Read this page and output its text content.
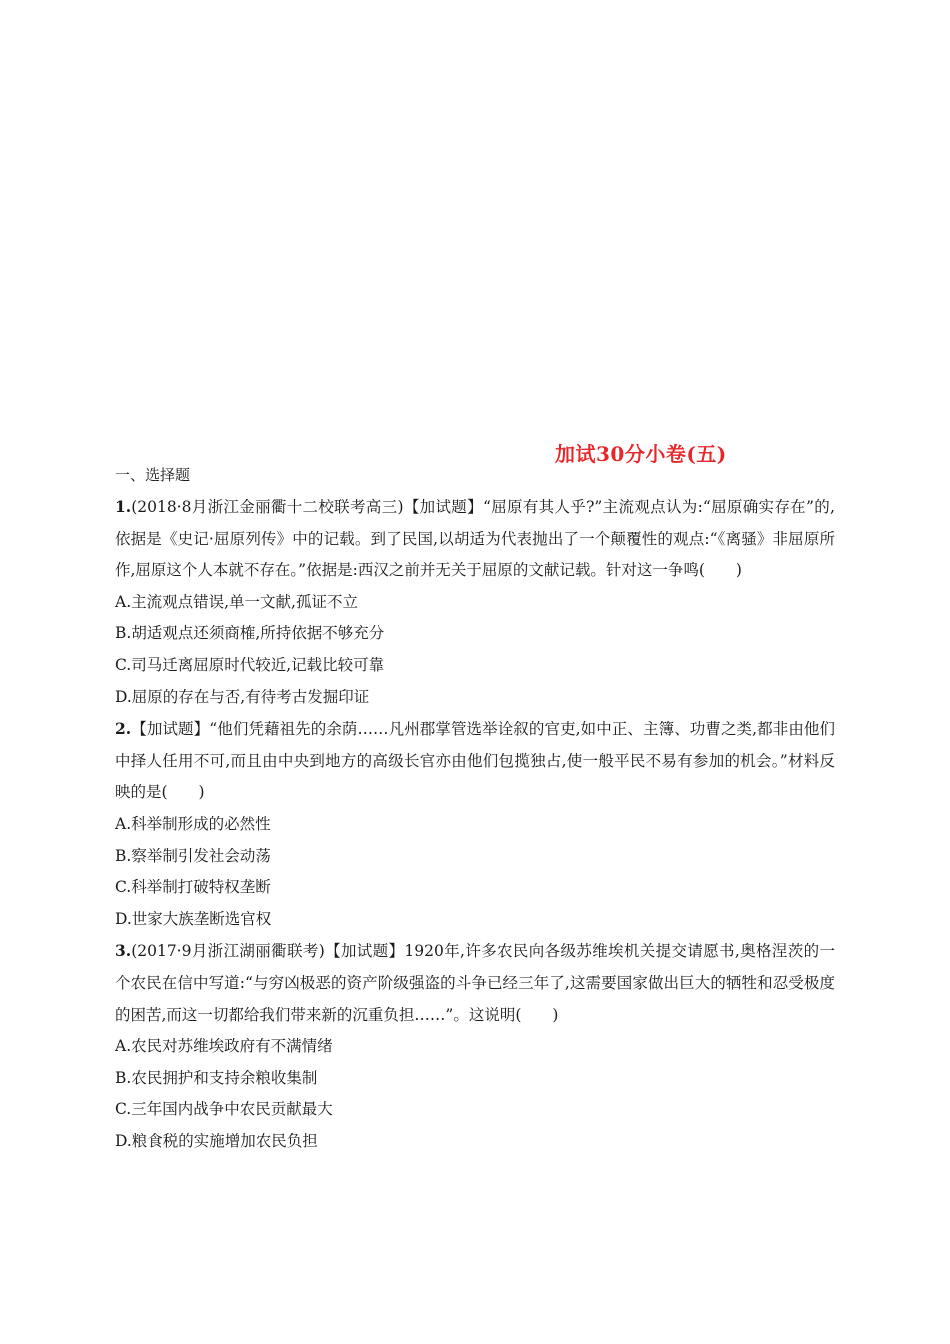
加试30分小卷(五)
一、选择题

1.(2018·8月浙江金丽衢十二校联考高三)【加试题】“屈原有其人乎?”主流观点认为:“屈原确实存在”的,依据是《史记·屈原列传》中的记载。到了民国,以胡适为代表抛出了一个颠覆性的观点:“《离骚》非屈原所作,屈原这个人本就不存在。”依据是:西汉之前并无关于屈原的文献记载。针对这一争鸣(　　)

A.主流观点错误,单一文献,孤证不立

B.胡适观点还须商榷,所持依据不够充分

C.司马迁离屈原时代较近,记载比较可靠

D.屈原的存在与否,有待考古发掘印证

2.【加试题】“他们凭藉祖先的余荫……凡州郡掌管选举诠叙的官吏,如中正、主簿、功曹之类,都非由他们中择人任用不可,而且由中央到地方的高级长官亦由他们包揽独占,使一般平民不易有参加的机会。”材料反映的是(　　)

A.科举制形成的必然性

B.察举制引发社会动荡

C.科举制打破特权垄断

D.世家大族垄断选官权

3.(2017·9月浙江湖丽衢联考)【加试题】1920年,许多农民向各级苏维埃机关提交请愿书,奥格涅茨的一个农民在信中写道:“与穷凶极恶的资产阶级强盗的斗争已经三年了,这需要国家做出巨大的牺牲和忍受极度的困苦,而这一切都给我们带来新的沉重负担……”。这说明(　　)

A.农民对苏维埃政府有不满情绪

B.农民拥护和支持余粮收集制

C.三年国内战争中农民贡献最大

D.粮食税的实施增加农民负担
